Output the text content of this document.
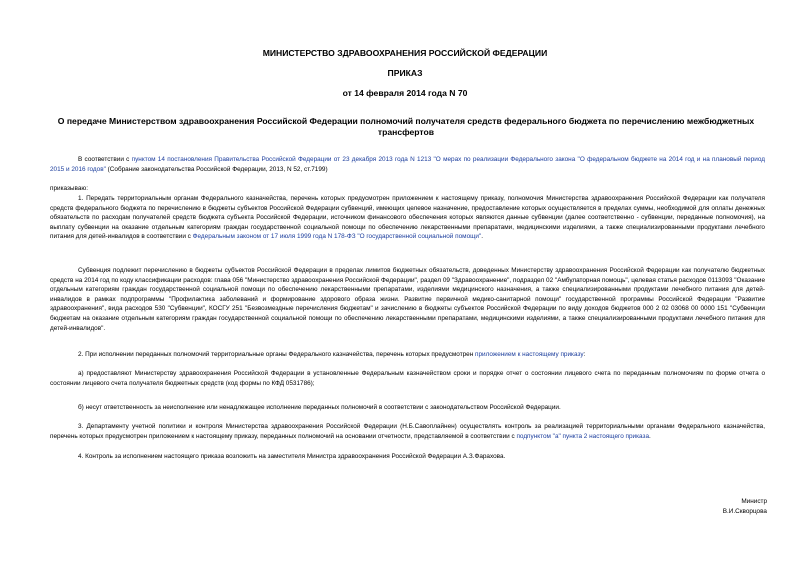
МИНИСТЕРСТВО ЗДРАВООХРАНЕНИЯ РОССИЙСКОЙ ФЕДЕРАЦИИ
ПРИКАЗ
от 14 февраля 2014 года N 70
О передаче Министерством здравоохранения Российской Федерации полномочий получателя средств федерального бюджета по перечислению межбюджетных трансфертов
В соответствии с пунктом 14 постановления Правительства Российской Федерации от 23 декабря 2013 года N 1213 "О мерах по реализации Федерального закона "О федеральном бюджете на 2014 год и на плановый период 2015 и 2016 годов" (Собрание законодательства Российской Федерации, 2013, N 52, ст.7199)
приказываю:
1. Передать территориальным органам Федерального казначейства, перечень которых предусмотрен приложением к настоящему приказу, полномочия Министерства здравоохранения Российской Федерации как получателя средств федерального бюджета по перечислению в бюджеты субъектов Российской Федерации субвенций, имеющих целевое назначение, предоставление которых осуществляется в пределах суммы, необходимой для оплаты денежных обязательств по расходам получателей средств бюджета субъекта Российской Федерации, источником финансового обеспечения которых являются данные субвенции (далее соответственно - субвенции, переданные полномочия), на выплату субвенции на оказание отдельным категориям граждан государственной социальной помощи по обеспечению лекарственными препаратами, медицинскими изделиями, а также специализированными продуктами лечебного питания для детей-инвалидов в соответствии с Федеральным законом от 17 июля 1999 года N 178-ФЗ "О государственной социальной помощи".
Субвенция подлежит перечислению в бюджеты субъектов Российской Федерации в пределах лимитов бюджетных обязательств, доведенных Министерству здравоохранения Российской Федерации как получателю бюджетных средств на 2014 год по коду классификации расходов: глава 056 "Министерство здравоохранения Российской Федерации", раздел 09 "Здравоохранение", подраздел 02 "Амбулаторная помощь", целевая статья расходов 0113093 "Оказание отдельным категориям граждан государственной социальной помощи по обеспечению лекарственными препаратами, изделиями медицинского назначения, а также специализированными продуктами лечебного питания для детей-инвалидов в рамках подпрограммы "Профилактика заболеваний и формирование здорового образа жизни. Развитие первичной медико-санитарной помощи" государственной программы Российской Федерации "Развитие здравоохранения", вида расходов 530 "Субвенции", КОСГУ 251 "Безвозмездные перечисления бюджетам" и зачислению в бюджеты субъектов Российской Федерации по виду доходов бюджетов 000 2 02 03068 00 0000 151 "Субвенции бюджетам на оказание отдельным категориям граждан государственной социальной помощи по обеспечению лекарственными препаратами, медицинскими изделиями, а также специализированными продуктами лечебного питания для детей-инвалидов".
2. При исполнении переданных полномочий территориальные органы Федерального казначейства, перечень которых предусмотрен приложением к настоящему приказу:
а) предоставляют Министерству здравоохранения Российской Федерации в установленные Федеральным казначейством сроки и порядке отчет о состоянии лицевого счета по переданным полномочиям по форме отчета о состоянии лицевого счета получателя бюджетных средств (код формы по КФД 0531786);
б) несут ответственность за неисполнение или ненадлежащее исполнение переданных полномочий в соответствии с законодательством Российской Федерации.
3. Департаменту учетной политики и контроля Министерства здравоохранения Российской Федерации (Н.Б.Савоплайнен) осуществлять контроль за реализацией территориальными органами Федерального казначейства, перечень которых предусмотрен приложением к настоящему приказу, переданных полномочий на основании отчетности, представляемой в соответствии с подпунктом "а" пункта 2 настоящего приказа.
4. Контроль за исполнением настоящего приказа возложить на заместителя Министра здравоохранения Российской Федерации А.З.Фарахова.
Министр
В.И.Скворцова
